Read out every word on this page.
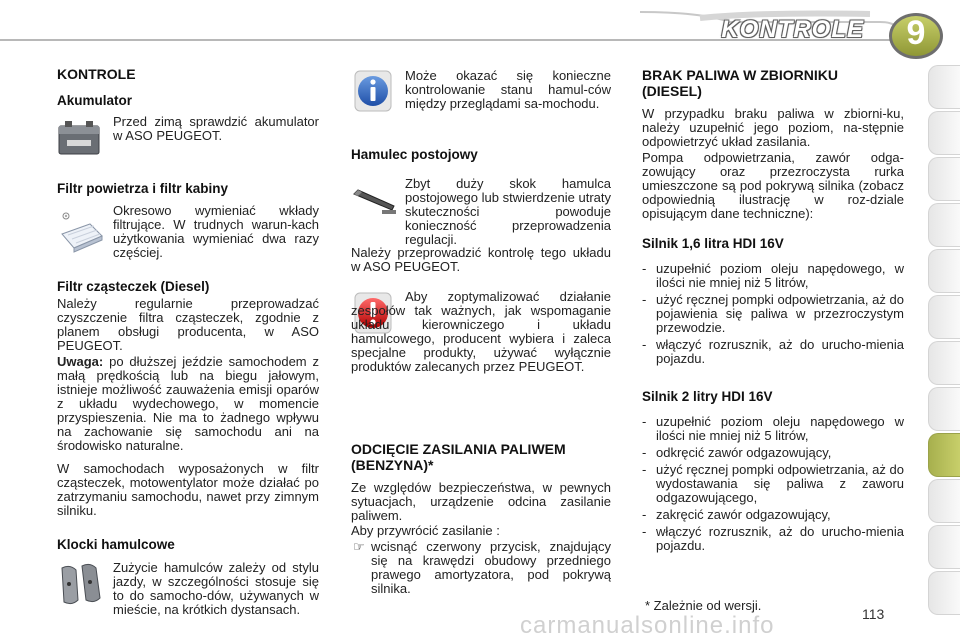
KONTROLE	9
KONTROLE
Akumulator

Przed zimą sprawdzić akumulator w ASO PEUGEOT.

Filtr powietrza i filtr kabiny

Okresowo wymieniać wkłady filtrujące. W trudnych warun-kach użytkowania wymieniać dwa razy częściej.

Filtr cząsteczek (Diesel)

Należy regularnie przeprowadzać czyszczenie filtra cząsteczek, zgodnie z planem obsługi producenta, w ASO PEUGEOT.

Uwaga: po dłuższej jeździe samochodem z małą prędkością lub na biegu jałowym, istnieje możliwość zauważenia emisji oparów z układu wydechowego, w momencie przyspieszenia. Nie ma to żadnego wpływu na zachowanie się samochodu ani na środowisko naturalne.

W samochodach wyposażonych w filtr cząsteczek, motowentylator może działać po zatrzymaniu samochodu, nawet przy zimnym silniku.

Klocki hamulcowe

Zużycie hamulców zależy od stylu jazdy, w szczególności stosuje się to do samocho-dów, używanych w mieście, na krótkich dystansach.

Może okazać się konieczne kontrolowanie stanu hamul-ców między przeglądami sa-mochodu.

Hamulec postojowy

Zbyt duży skok hamulca postojowego lub stwierdzenie utraty skuteczności powoduje konieczność przeprowadzenia regulacji.

Należy przeprowadzić kontrolę tego układu w ASO PEUGEOT.

Aby zoptymalizować działanie zespołów tak ważnych, jak wspomaganie układu kierowniczego i układu hamulcowego, producent wybiera i zaleca specjalne produkty, używać wyłącznie produktów zalecanych przez PEUGEOT.

ODCIĘCIE ZASILANIA PALIWEM (BENZYNA)*

Ze względów bezpieczeństwa, w pewnych sytuacjach, urządzenie odcina zasilanie paliwem.

Aby przywrócić zasilanie :

☞ wcisnąć czerwony przycisk, znajdujący się na krawędzi obudowy przedniego prawego amortyzatora, pod pokrywą silnika.

BRAK PALIWA W ZBIORNIKU (DIESEL)

W przypadku braku paliwa w zbiorni-ku, należy uzupełnić jego poziom, na-stępnie odpowietrzyć układ zasilania.

Pompa odpowietrzania, zawór odga-zowujący oraz przezroczysta rurka umieszczone są pod pokrywą silnika (zobacz odpowiednią ilustrację w roz-dziale opisującym dane techniczne):

Silnik 1,6 litra HDI 16V
- uzupełnić poziom oleju napędowego, w ilości nie mniej niż 5 litrów,
- użyć ręcznej pompki odpowietrzania, aż do pojawienia się paliwa w przezroczystym przewodzie.
- włączyć rozrusznik, aż do urucho-mienia pojazdu.
Silnik 2 litry HDI 16V
- uzupełnić poziom oleju napędowego w ilości nie mniej niż 5 litrów,
- odkręcić zawór odgazowujący,
- użyć ręcznej pompki odpowietrzania, aż do wydostawania się paliwa z zaworu odgazowującego,
- zakręcić zawór odgazowujący,
- włączyć rozrusznik, aż do urucho-mienia pojazdu.

* Zależnie od wersji.

carmanualsonline.info	113
